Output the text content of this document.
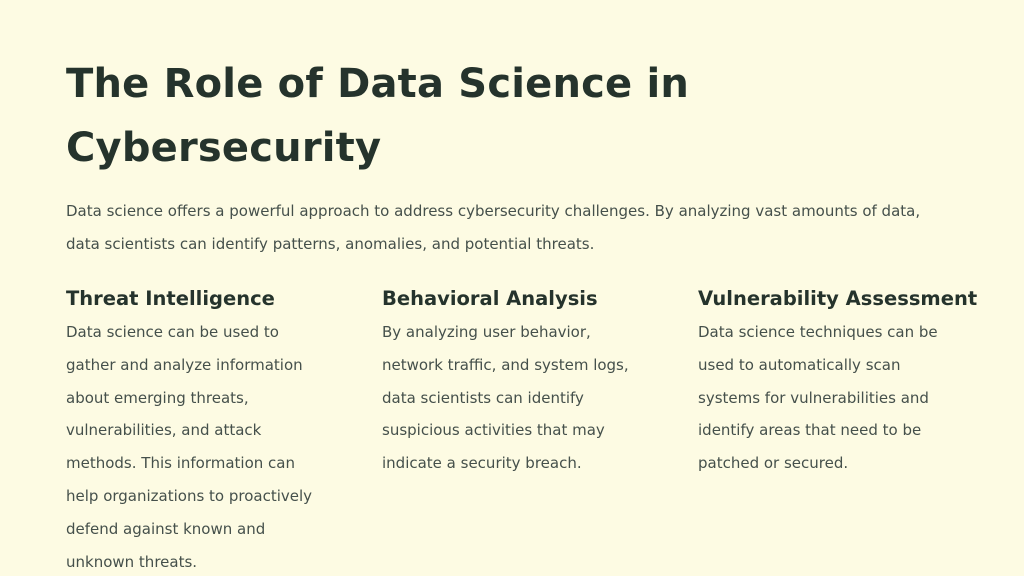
The Role of Data Science in Cybersecurity

Data science offers a powerful approach to address cybersecurity challenges. By analyzing vast amounts of data, data scientists can identify patterns, anomalies, and potential threats.

Threat Intelligence

Data science can be used to gather and analyze information about emerging threats, vulnerabilities, and attack methods. This information can help organizations to proactively defend against known and unknown threats.

Behavioral Analysis

By analyzing user behavior, network traffic, and system logs, data scientists can identify suspicious activities that may indicate a security breach.

Vulnerability Assessment

Data science techniques can be used to automatically scan systems for vulnerabilities and identify areas that need to be patched or secured.
